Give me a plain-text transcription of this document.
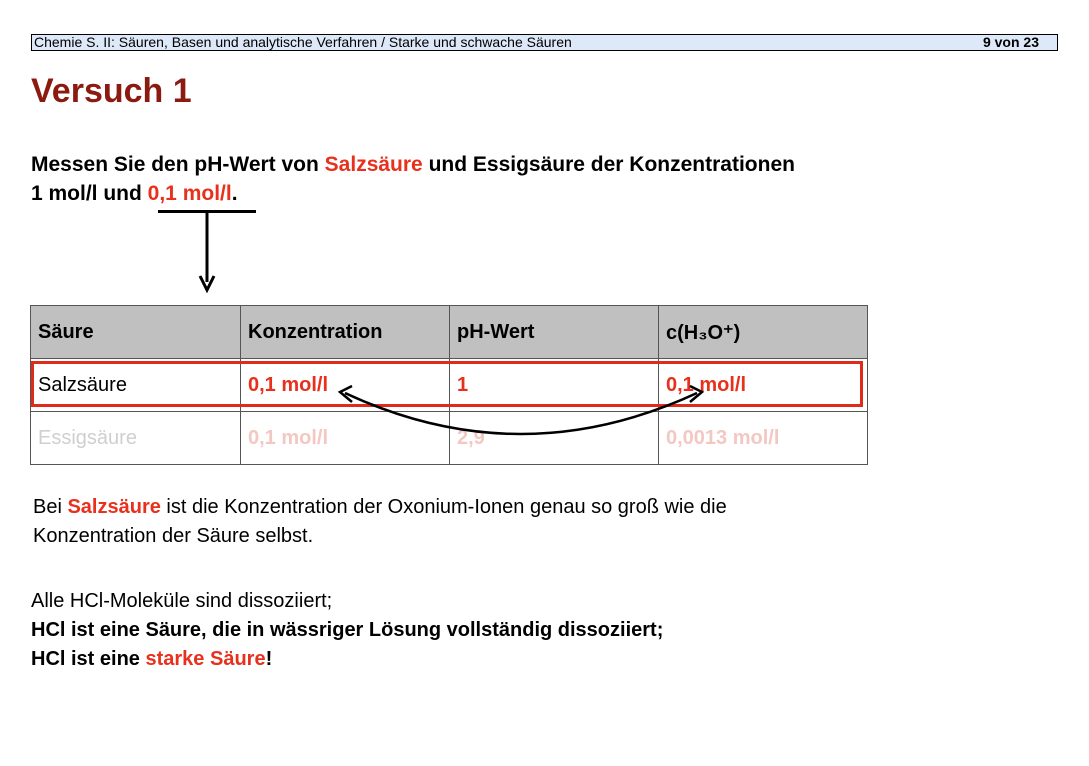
Chemie S. II: Säuren, Basen und analytische Verfahren / Starke und schwache Säuren	9 von 23
Versuch 1

Messen Sie den pH-Wert von Salzsäure und Essigsäure der Konzentrationen
1 mol/l und 0,1 mol/l.

Säure	Konzentration	pH-Wert	c(H₃O⁺)
Salzsäure	0,1 mol/l	1	0,1 mol/l
Essigsäure	0,1 mol/l	2,9	0,0013 mol/l

Bei Salzsäure ist die Konzentration der Oxonium-Ionen genau so groß wie die
Konzentration der Säure selbst.

Alle HCl-Moleküle sind dissoziiert;
HCl ist eine Säure, die in wässriger Lösung vollständig dissoziiert;
HCl ist eine starke Säure!
